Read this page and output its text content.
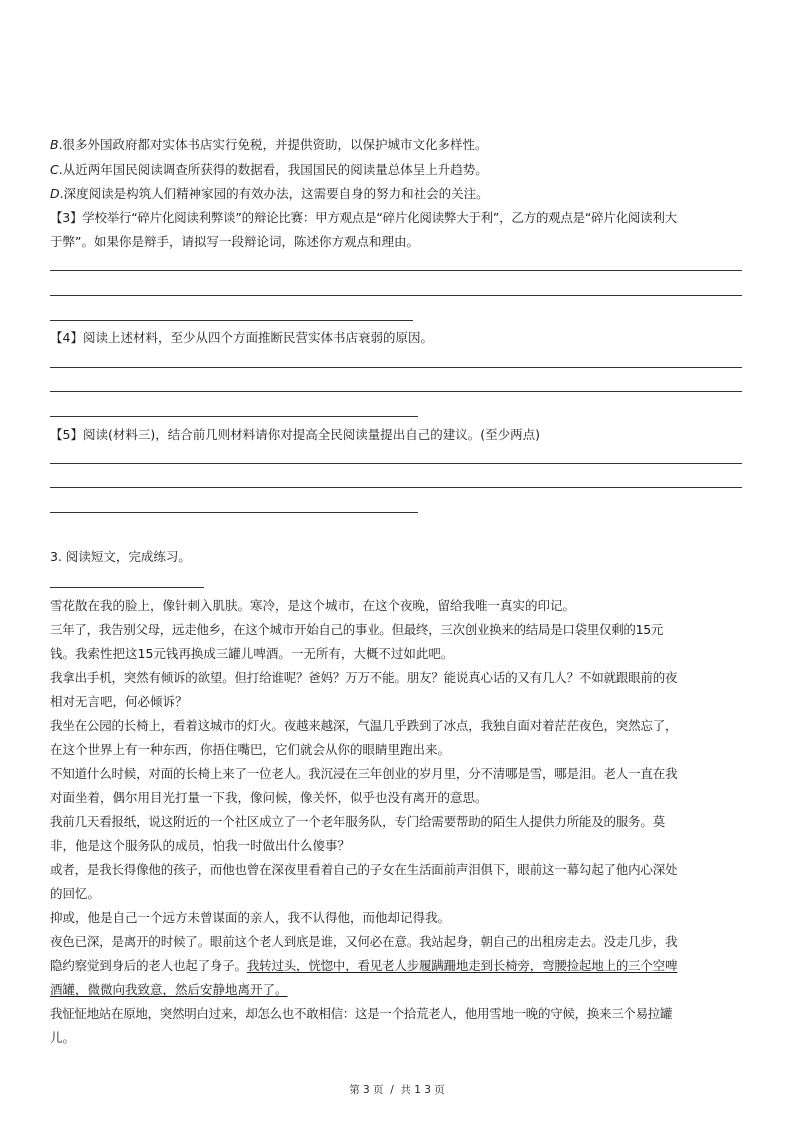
B.很多外国政府都对实体书店实行免税，并提供资助，以保护城市文化多样性。
C.从近两年国民阅读调查所获得的数据看，我国国民的阅读量总体呈上升趋势。
D.深度阅读是构筑人们精神家园的有效办法，这需要自身的努力和社会的关注。
【3】学校举行“碎片化阅读利弊谈”的辩论比赛：甲方观点是“碎片化阅读弊大于利”，乙方的观点是“碎片化阅读利大
于弊”。如果你是辩手，请拟写一段辩论词，陈述你方观点和理由。
【4】阅读上述材料，至少从四个方面推断民营实体书店衰弱的原因。
【5】阅读(材料三)，结合前几则材料请你对提高全民阅读量提出自己的建议。(至少两点)
3. 阅读短文，完成练习。
雪花散在我的脸上，像针刺入肌肤。寒冷，是这个城市，在这个夜晚，留给我唯一真实的印记。
三年了，我告别父母，远走他乡，在这个城市开始自己的事业。但最终，三次创业换来的结局是口袋里仅剩的15元
钱。我索性把这15元钱再换成三罐儿啤酒。一无所有，大概不过如此吧。
我拿出手机，突然有倾诉的欲望。但打给谁呢？爸妈？万万不能。朋友？能说真心话的又有几人？不如就跟眼前的夜
相对无言吧，何必倾诉？
我坐在公园的长椅上，看着这城市的灯火。夜越来越深，气温几乎跌到了冰点，我独自面对着茫茫夜色，突然忘了，
在这个世界上有一种东西，你捂住嘴巴，它们就会从你的眼睛里跑出来。
不知道什么时候，对面的长椅上来了一位老人。我沉浸在三年创业的岁月里，分不清哪是雪，哪是泪。老人一直在我
对面坐着，偶尔用目光打量一下我，像问候，像关怀，似乎也没有离开的意思。
我前几天看报纸，说这附近的一个社区成立了一个老年服务队，专门给需要帮助的陌生人提供力所能及的服务。莫
非，他是这个服务队的成员，怕我一时做出什么傻事？
或者，是我长得像他的孩子，而他也曾在深夜里看着自己的子女在生活面前声泪俱下，眼前这一幕勾起了他内心深处
的回忆。
抑或，他是自己一个远方未曾谋面的亲人，我不认得他，而他却记得我。
夜色已深，是离开的时候了。眼前这个老人到底是谁，又何必在意。我站起身，朝自己的出租房走去。没走几步，我
隐约察觉到身后的老人也起了身子。我转过头，恍惚中，看见老人步履蹒跚地走到长椅旁，弯腰捡起地上的三个空啤
酒罐，微微向我致意，然后安静地离开了。
我怔怔地站在原地，突然明白过来，却怎么也不敢相信：这是一个拾荒老人，他用雪地一晚的守候，换来三个易拉罐
儿。
第 3 页  /  共 1 3 页
